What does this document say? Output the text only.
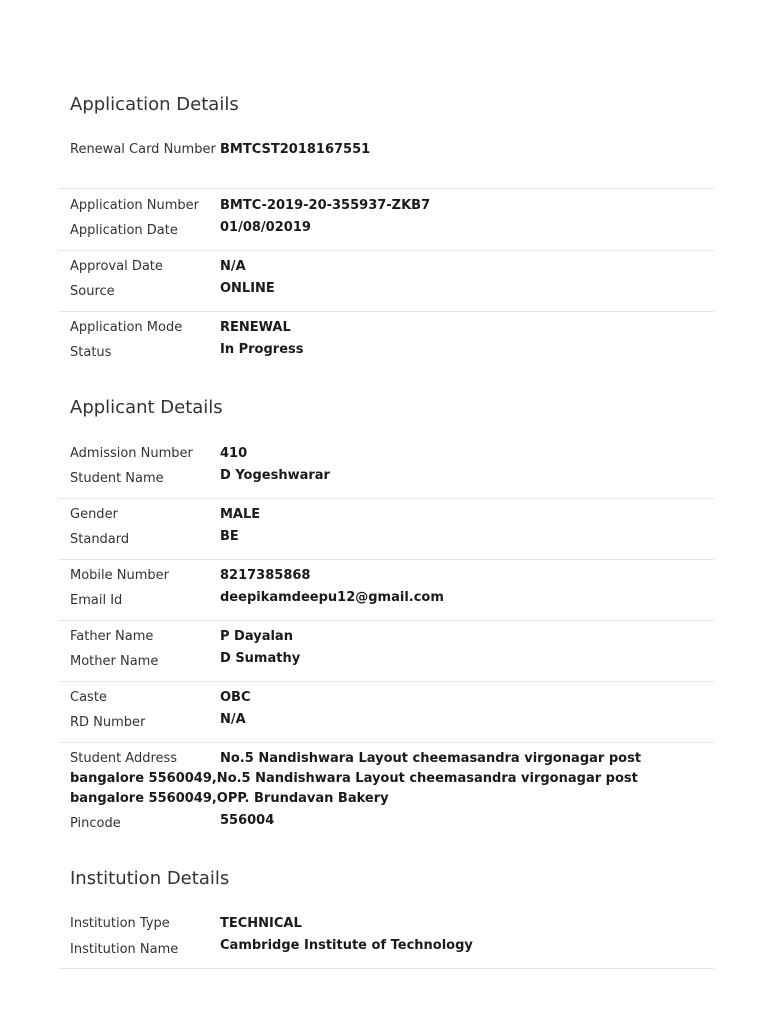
Application Details
Renewal Card Number BMTCST2018167551
Application Number	BMTC-2019-20-355937-ZKB7
Application Date	01/08/02019
Approval Date	N/A
Source	ONLINE
Application Mode	RENEWAL
Status	In Progress
Applicant Details
Admission Number	410
Student Name	D Yogeshwarar
Gender	MALE
Standard	BE
Mobile Number	8217385868
Email Id	deepikamdeepu12@gmail.com
Father Name	P Dayalan
Mother Name	D Sumathy
Caste	OBC
RD Number	N/A
Student Address	No.5 Nandishwara Layout cheemasandra virgonagar post bangalore 5560049,No.5 Nandishwara Layout cheemasandra virgonagar post bangalore 5560049,OPP. Brundavan Bakery
Pincode	556004
Institution Details
Institution Type	TECHNICAL
Institution Name	Cambridge Institute of Technology
